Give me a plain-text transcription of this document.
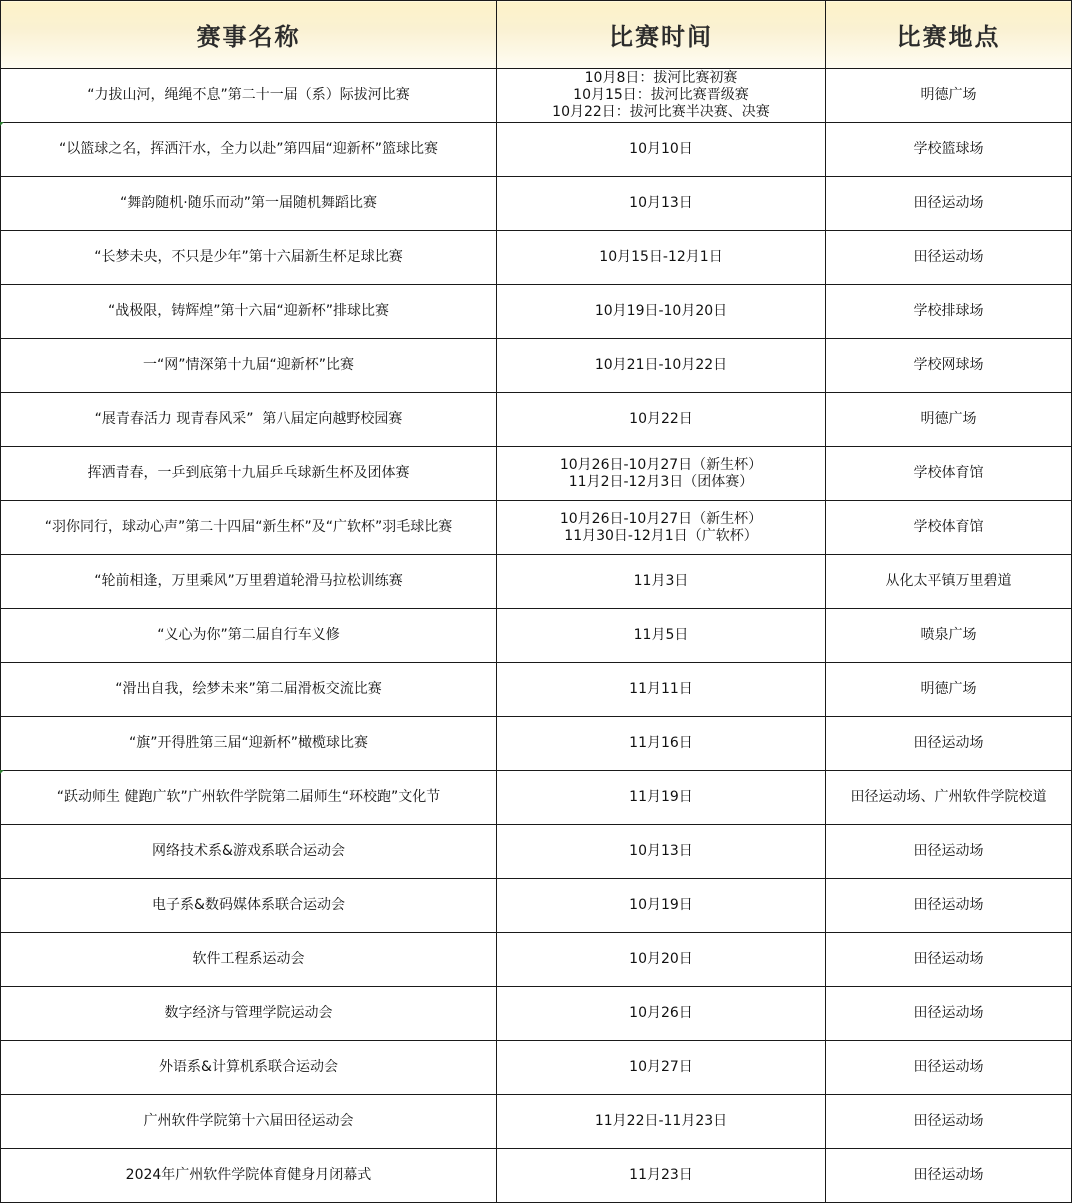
赛事名称	比赛时间	比赛地点
“力拔山河，绳绳不息”第二十一届（系）际拔河比赛	10月8日：拔河比赛初赛
10月15日：拔河比赛晋级赛
10月22日：拔河比赛半决赛、决赛	明德广场
“以篮球之名，挥洒汗水，全力以赴”第四届“迎新杯”篮球比赛	10月10日	学校篮球场
“舞韵随机·随乐而动”第一届随机舞蹈比赛	10月13日	田径运动场
“长梦未央，不只是少年”第十六届新生杯足球比赛	10月15日-12月1日	田径运动场
“战极限，铸辉煌”第十六届“迎新杯”排球比赛	10月19日-10月20日	学校排球场
一“网”情深第十九届“迎新杯”比赛	10月21日-10月22日	学校网球场
“展青春活力 现青春风采”  第八届定向越野校园赛	10月22日	明德广场
挥洒青春，一乒到底第十九届乒乓球新生杯及团体赛	10月26日-10月27日（新生杯）
11月2日-12月3日（团体赛）	学校体育馆
“羽你同行，球动心声”第二十四届“新生杯”及“广软杯”羽毛球比赛	10月26日-10月27日（新生杯）
11月30日-12月1日（广软杯）	学校体育馆
“轮前相逢，万里乘风”万里碧道轮滑马拉松训练赛	11月3日	从化太平镇万里碧道
“义心为你”第二届自行车义修	11月5日	喷泉广场
“滑出自我，绘梦未来”第二届滑板交流比赛	11月11日	明德广场
“旗”开得胜第三届“迎新杯”橄榄球比赛	11月16日	田径运动场
“跃动师生 健跑广软”广州软件学院第二届师生“环校跑”文化节	11月19日	田径运动场、广州软件学院校道
网络技术系&游戏系联合运动会	10月13日	田径运动场
电子系&数码媒体系联合运动会	10月19日	田径运动场
软件工程系运动会	10月20日	田径运动场
数字经济与管理学院运动会	10月26日	田径运动场
外语系&计算机系联合运动会	10月27日	田径运动场
广州软件学院第十六届田径运动会	11月22日-11月23日	田径运动场
2024年广州软件学院体育健身月闭幕式	11月23日	田径运动场
